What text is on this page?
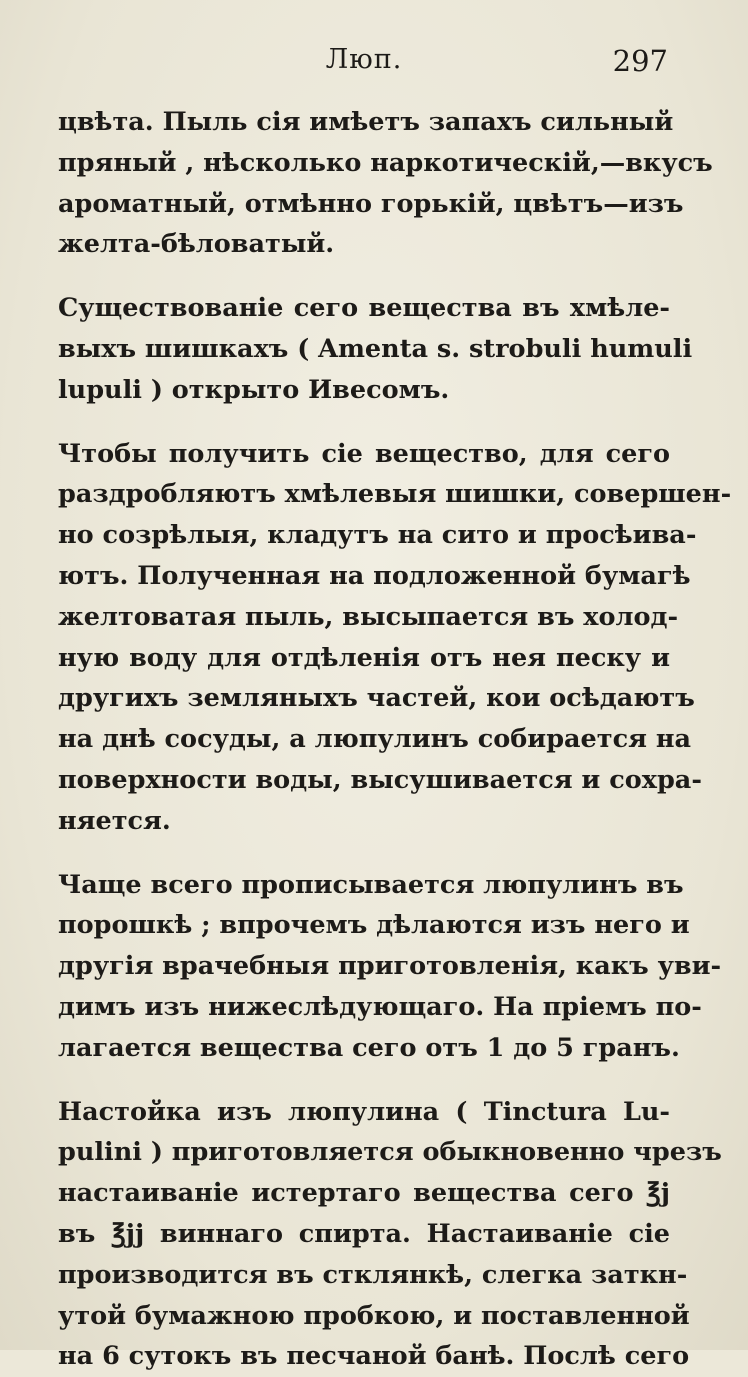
Люп.	297

цвѣта. Пыль сія имѣетъ запахъ сильный
пряный , нѣсколько наркотическій,—вкусъ
ароматный, отмѣнно горькій, цвѣтъ—изъ
желта-бѣловатый.

Существованіе сего вещества въ хмѣле-
выхъ шишкахъ ( Amenta s. strobuli humuli
lupuli ) открыто Ивесомъ.

Чтобы получить сіе вещество, для сего
раздробляютъ хмѣлевыя шишки, совершен-
но созрѣлыя, кладутъ на сито и просѣива-
ютъ. Полученная на подложенной бумагѣ
желтоватая пыль, высыпается въ холод-
ную воду для отдѣленія отъ нея песку и
другихъ земляныхъ частей, кои осѣдаютъ
на днѣ сосуды, а люпулинъ собирается на
поверхности воды, высушивается и сохра-
няется.

Чаще всего прописывается люпулинъ въ
порошкѣ ; впрочемъ дѣлаются изъ него и
другія врачебныя приготовленія, какъ уви-
димъ изъ нижеслѣдующаго. На пріемъ по-
лагается вещества сего отъ 1 до 5 гранъ.

Настойка изъ люпулина ( Tinctura Lu-
pulini ) приготовляется обыкновенно чрезъ
настаиваніе истертаго вещества сего ℥j
въ ℥jj виннаго спирта. Настаиваніе сіе
производится въ стклянкѣ, слегка заткн-
утой бумажною пробкою, и поставленной
на 6 сутокъ въ песчаной банѣ. Послѣ сего
